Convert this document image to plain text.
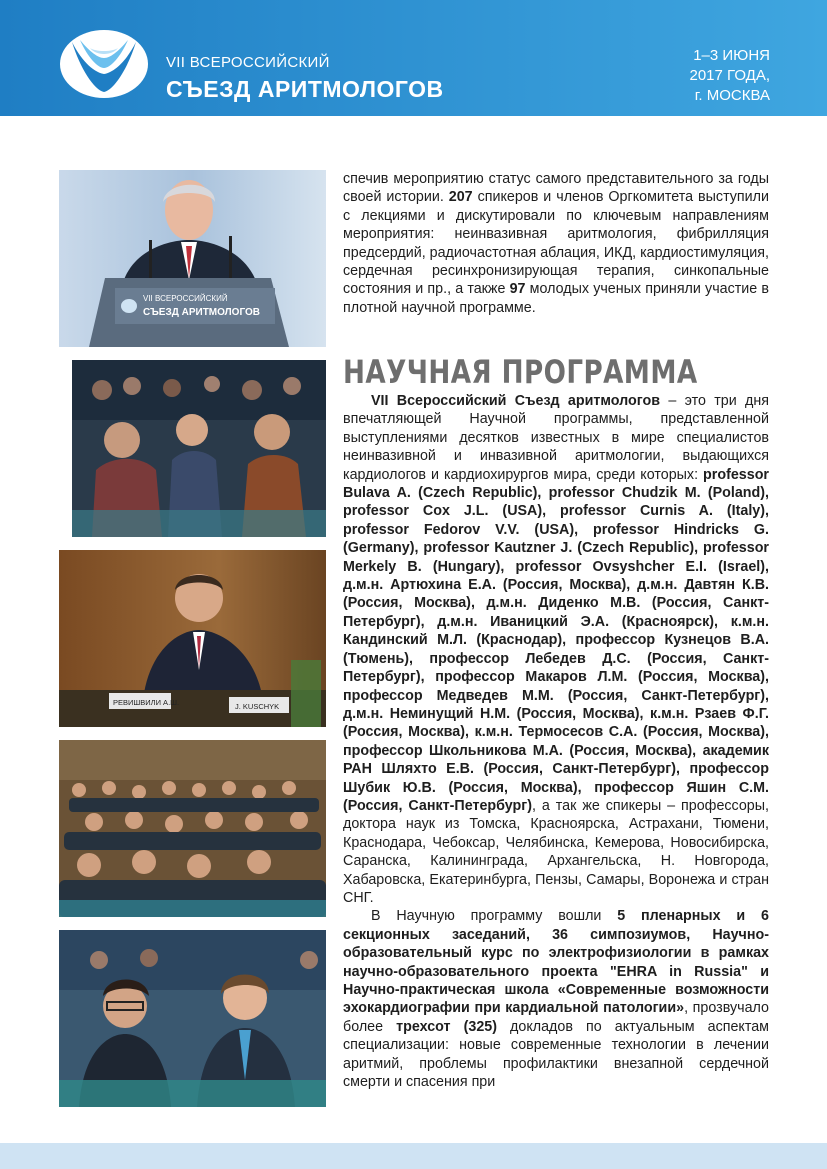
VII ВСЕРОССИЙСКИЙ
СЪЕЗД АРИТМОЛОГОВ
1–3 ИЮНЯ
2017 ГОДА,
г. МОСКВА
VII ВСЕРОССИЙСКИЙ
СЪЕЗД АРИТМОЛОГОВ
РЕВИШВИЛИ А.Ш.	J. KUSCHYK

спечив мероприятию статус самого представительного за годы своей истории. 207 спикеров и членов Оргкомитета выступили с лекциями и дискутировали по ключевым направлениям мероприятия: неинвазивная аритмология, фибрилляция предсердий, радиочастотная аблация, ИКД, кардиостимуляция, сердечная ресинхронизирующая терапия, синкопальные состояния и пр., а также 97 молодых ученых приняли участие в плотной научной программе.

НАУЧНАЯ ПРОГРАММА

VII Всероссийский Съезд аритмологов – это три дня впечатляющей Научной программы, представленной выступлениями десятков известных в мире специалистов неинвазивной и инвазивной аритмологии, выдающихся кардиологов и кардиохирургов мира, среди которых: professor Bulava A. (Czech Republic), professor Chudzik M. (Poland), professor Cox J.L. (USA), professor Curnis A. (Italy), professor Fedorov V.V. (USA), professor Hindricks G. (Germany), professor Kautzner J. (Czech Republic), professor Merkely B. (Hungary), professor Ovsyshcher E.I. (Israel), д.м.н. Артюхина Е.А. (Россия, Москва), д.м.н. Давтян К.В. (Россия, Москва), д.м.н. Диденко М.В. (Россия, Санкт-Петербург), д.м.н. Иваницкий Э.А. (Красноярск), к.м.н. Кандинский М.Л. (Краснодар), профессор Кузнецов В.А. (Тюмень), профессор Лебедев Д.С. (Россия, Санкт-Петербург), профессор Макаров Л.М. (Россия, Москва), профессор Медведев М.М. (Россия, Санкт-Петербург), д.м.н. Неминущий Н.М. (Россия, Москва), к.м.н. Рзаев Ф.Г. (Россия, Москва), к.м.н. Термосесов С.А. (Россия, Москва), профессор Школьникова М.А. (Россия, Москва), академик РАН Шляхто Е.В. (Россия, Санкт-Петербург), профессор Шубик Ю.В. (Россия, Москва), профессор Яшин С.М. (Россия, Санкт-Петербург), а так же спикеры – профессоры, доктора наук из Томска, Красноярска, Астрахани, Тюмени, Краснодара, Чебоксар, Челябинска, Кемерова, Новосибирска, Саранска, Калининграда, Архангельска, Н. Новгорода, Хабаровска, Екатеринбурга, Пензы, Самары, Воронежа и стран СНГ.

В Научную программу вошли 5 пленарных и 6 секционных заседаний, 36 симпозиумов, Научно-образовательный курс по электрофизиологии в рамках научно-образовательного проекта "EHRA in Russia" и Научно-практическая школа «Современные возможности эхокардиографии при кардиальной патологии», прозвучало более трехсот (325) докладов по актуальным аспектам специализации: новые современные технологии в лечении аритмий, проблемы профилактики внезапной сердечной смерти и спасения при
